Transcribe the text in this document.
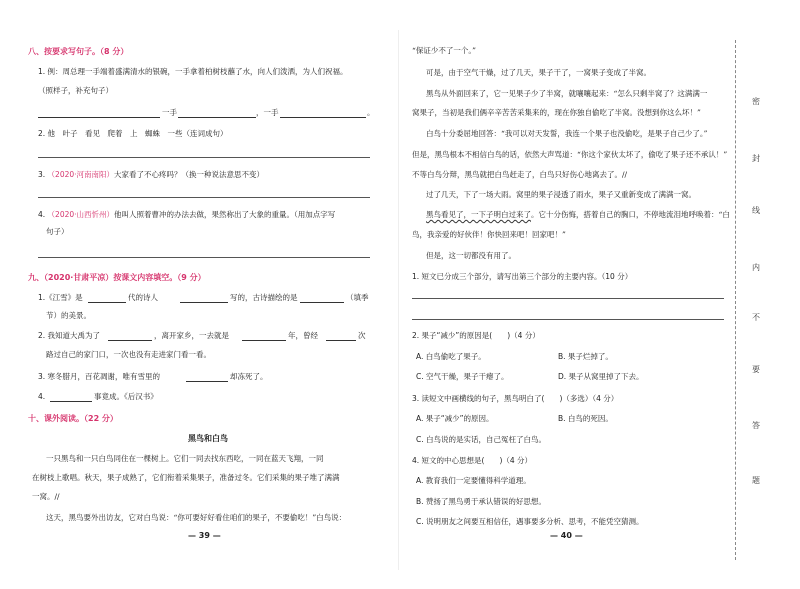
八、按要求写句子。（8 分）
1. 例：周总理一手端着盛满清水的银碗，一手拿着柏树枝蘸了水，向人们泼洒，为人们祝福。
（照样子，补充句子）
一手	，一手	。
2. 他　叶子　看见　爬着　上　蜘蛛　一些（连词成句）
3. （2020·河南南阳）大家看了不心疼吗？（换一种说法意思不变）
4. （2020·山西忻州）他叫人照着曹冲的办法去做，果然称出了大象的重量。（用加点字写
句子）
九、（2020·甘肃平凉）按课文内容填空。（9 分）
1.《江雪》是	代的诗人	写的，古诗描绘的是	（填季
节）的美景。
2. 我知道大禹为了	，离开家乡，一去就是	年，曾经	次
路过自己的家门口，一次也没有走进家门看一看。
3. 寒冬腊月，百花凋谢，唯有雪里的	却冻死了。
4.	事竟成。《后汉书》
十、课外阅读。（22 分）
黑鸟和白鸟
一只黑鸟和一只白鸟同住在一棵树上。它们一同去找东西吃，一同在蓝天飞翔，一同
在树枝上歌唱。秋天，果子成熟了，它们衔着采集果子，准备过冬。它们采集的果子堆了满满
一窝。//
这天，黑鸟要外出访友，它对白鸟说：“你可要好好看住咱们的果子，不要偷吃！”白鸟说：
— 39 —
“保证少不了一个。”
可是，由于空气干燥，过了几天，果子干了，一窝果子变成了半窝。
黑鸟从外面回来了，它一见果子少了半窝，就嚷嚷起来：“怎么只剩半窝了？这满满一
窝果子，当初是我们俩辛辛苦苦采集来的，现在你独自偷吃了半窝。没想到你这么坏！”
白鸟十分委屈地回答：“我可以对天发誓，我连一个果子也没偷吃，是果子自己少了。”
但是，黑鸟根本不相信白鸟的话，依然大声骂道：“你这个家伙太坏了，偷吃了果子还不承认！”
不等白鸟分辩，黑鸟就把白鸟赶走了，白鸟只好伤心地离去了。//
过了几天，下了一场大雨。窝里的果子浸透了雨水，果子又重新变成了满满一窝。
黑鸟看见了，一下子明白过来了。它十分伤悔，搭着自己的胸口，不停地流泪地呼唤着：“白
鸟，我亲爱的好伙伴！你快回来吧！回家吧！”
但是，这一切都没有用了。
1. 短文已分成三个部分，请写出第三个部分的主要内容。（10 分）
2. 果子“减少”的原因是(　　)（4 分）
A. 白鸟偷吃了果子。	B. 果子烂掉了。
C. 空气干燥，果子干瘪了。	D. 果子从窝里掉了下去。
3. 读短文中画横线的句子，黑鸟明白了(　　)（多选）（4 分）
A. 果子“减少”的原因。	B. 白鸟的死因。
C. 白鸟说的是实话，自己冤枉了白鸟。
4. 短文的中心思想是(　　)（4 分）
A. 教育我们一定要懂得科学道理。
B. 赞扬了黑鸟勇于承认错误的好思想。
C. 说明朋友之间要互相信任，遇事要多分析、思考，不能凭空猜测。
— 40 —
密
封
线
内
不
要
答
题
